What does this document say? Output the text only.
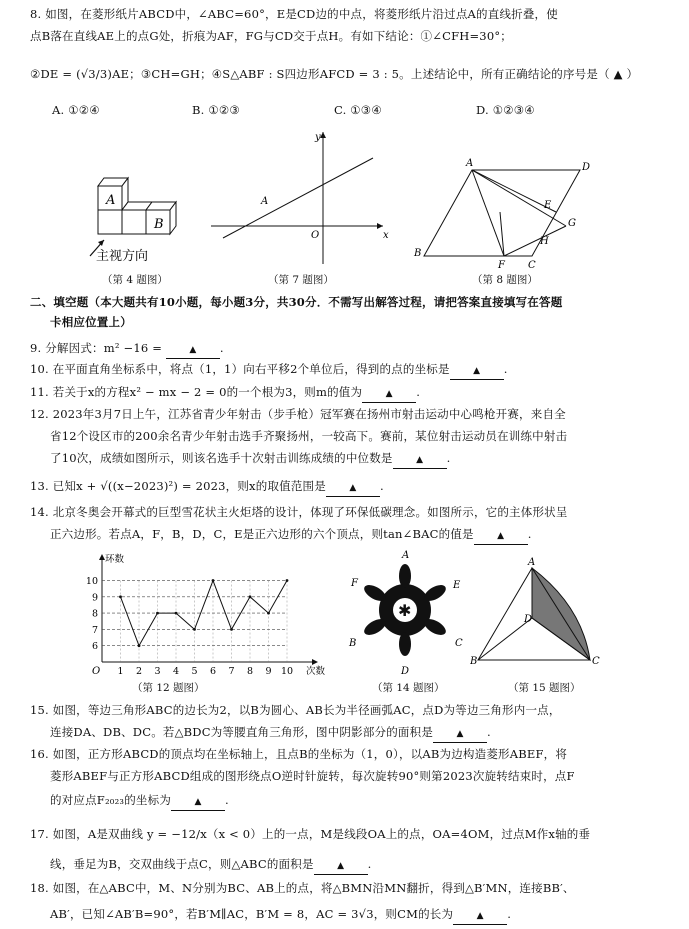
8. 如图，在菱形纸片ABCD中，∠ABC=60°，E是CD边的中点，将菱形纸片沿过点A的直线折叠，使
点B落在直线AE上的点G处，折痕为AF，FG与CD交于点H。有如下结论：①∠CFH=30°；
②DE = (√3/3)AE；③CH=GH；④S△ABF : S四边形AFCD = 3 : 5。上述结论中，所有正确结论的序号是（ ▲ ）
A. ①②④	B. ①②③	C. ①③④	D. ①②③④
A
B
主视方向
（第 4 题图）
A
O	x
y
（第 7 题图）
A	D
E
G
H
B
F C
（第 8 题图）
二、填空题（本大题共有10小题，每小题3分，共30分．不需写出解答过程，请把答案直接填写在答题
卡相应位置上）
9. 分解因式：m² −16 =	▲ .
10. 在平面直角坐标系中，将点（1，1）向右平移2个单位后，得到的点的坐标是	▲ .
11. 若关于x的方程x² − mx − 2 = 0的一个根为3，则m的值为	▲ .
12. 2023年3月7日上午，江苏省青少年射击（步手枪）冠军赛在扬州市射击运动中心鸣枪开赛，来自全
省12个设区市的200余名青少年射击选手齐聚扬州，一较高下。赛前，某位射击运动员在训练中射击
了10次，成绩如图所示，则该名选手十次射击训练成绩的中位数是	▲ .
13. 已知x + √((x−2023)²) = 2023，则x的取值范围是	▲ .
14. 北京冬奥会开幕式的巨型雪花状主火炬塔的设计，体现了环保低碳理念。如图所示，它的主体形状呈
正六边形。若点A，F，B，D，C，E是正六边形的六个顶点，则tan∠BAC的值是	▲ .
6
7
8
9
10
1 2 3 4 5 6 7 8 9 10
O
环数
次数
（第 12 题图）
✱
A
F	E
B	C
D
（第 14 题图）
A
D
B	C
（第 15 题图）
15. 如图，等边三角形ABC的边长为2，以B为圆心、AB长为半径画弧AC，点D为等边三角形内一点，
连接DA、DB、DC。若△BDC为等腰直角三角形，图中阴影部分的面积是	▲ .
16. 如图，正方形ABCD的顶点均在坐标轴上，且点B的坐标为（1，0），以AB为边构造菱形ABEF，将
菱形ABEF与正方形ABCD组成的图形绕点O逆时针旋转，每次旋转90°则第2023次旋转结束时，点F
的对应点F₂₀₂₃的坐标为	▲ .
17. 如图，A是双曲线 y = −12/x（x < 0）上的一点，M是线段OA上的点，OA=4OM，过点M作x轴的垂
线，垂足为B，交双曲线于点C，则△ABC的面积是	▲ .
18. 如图，在△ABC中，M、N分别为BC、AB上的点，将△BMN沿MN翻折，得到△B′MN，连接BB′、
AB′，已知∠AB′B=90°，若B′M∥AC，B′M = 8，AC = 3√3，则CM的长为	▲ .
